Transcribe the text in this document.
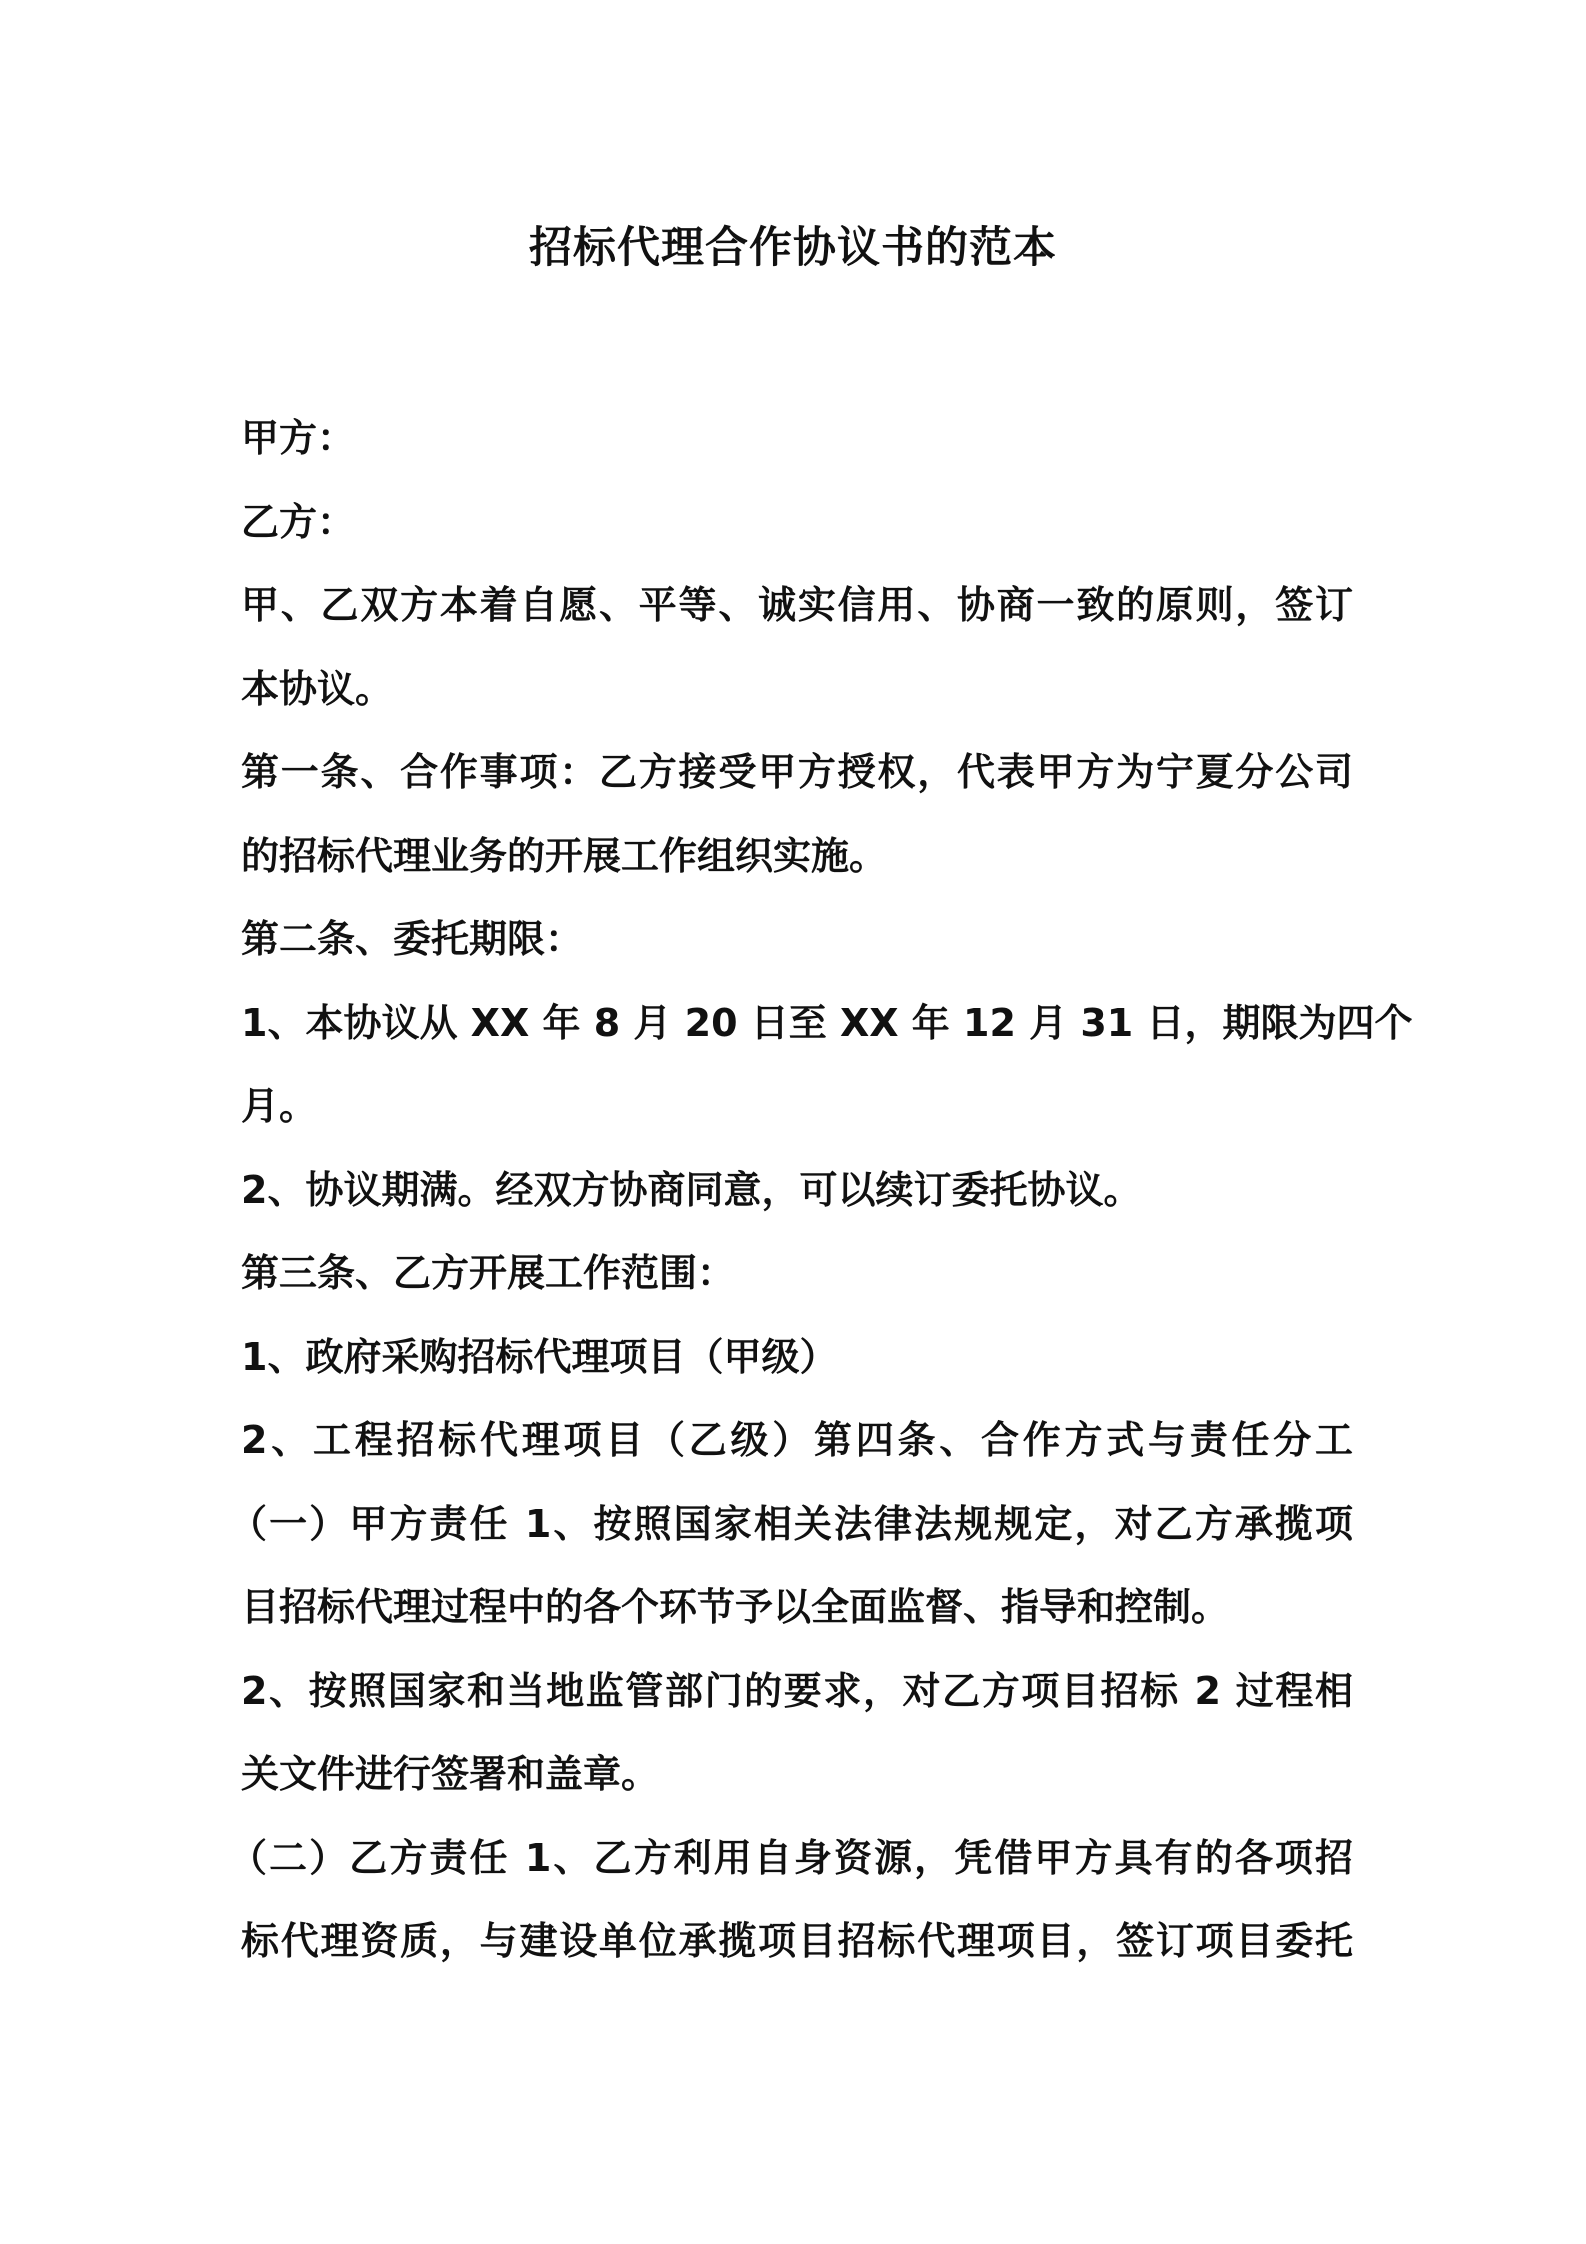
招标代理合作协议书的范本
甲方：
乙方：
甲、乙双方本着自愿、平等、诚实信用、协商一致的原则，签订
本协议。
第一条、合作事项：乙方接受甲方授权，代表甲方为宁夏分公司
的招标代理业务的开展工作组织实施。
第二条、委托期限：
1、本协议从 XX 年 8 月 20 日至 XX 年 12 月 31 日，期限为四个
月。
2、协议期满。经双方协商同意，可以续订委托协议。
第三条、乙方开展工作范围：
1、政府采购招标代理项目（甲级）
2、工程招标代理项目（乙级）第四条、合作方式与责任分工
（一）甲方责任 1、按照国家相关法律法规规定，对乙方承揽项
目招标代理过程中的各个环节予以全面监督、指导和控制。
2、按照国家和当地监管部门的要求，对乙方项目招标 2 过程相
关文件进行签署和盖章。
（二）乙方责任 1、乙方利用自身资源，凭借甲方具有的各项招
标代理资质，与建设单位承揽项目招标代理项目，签订项目委托
